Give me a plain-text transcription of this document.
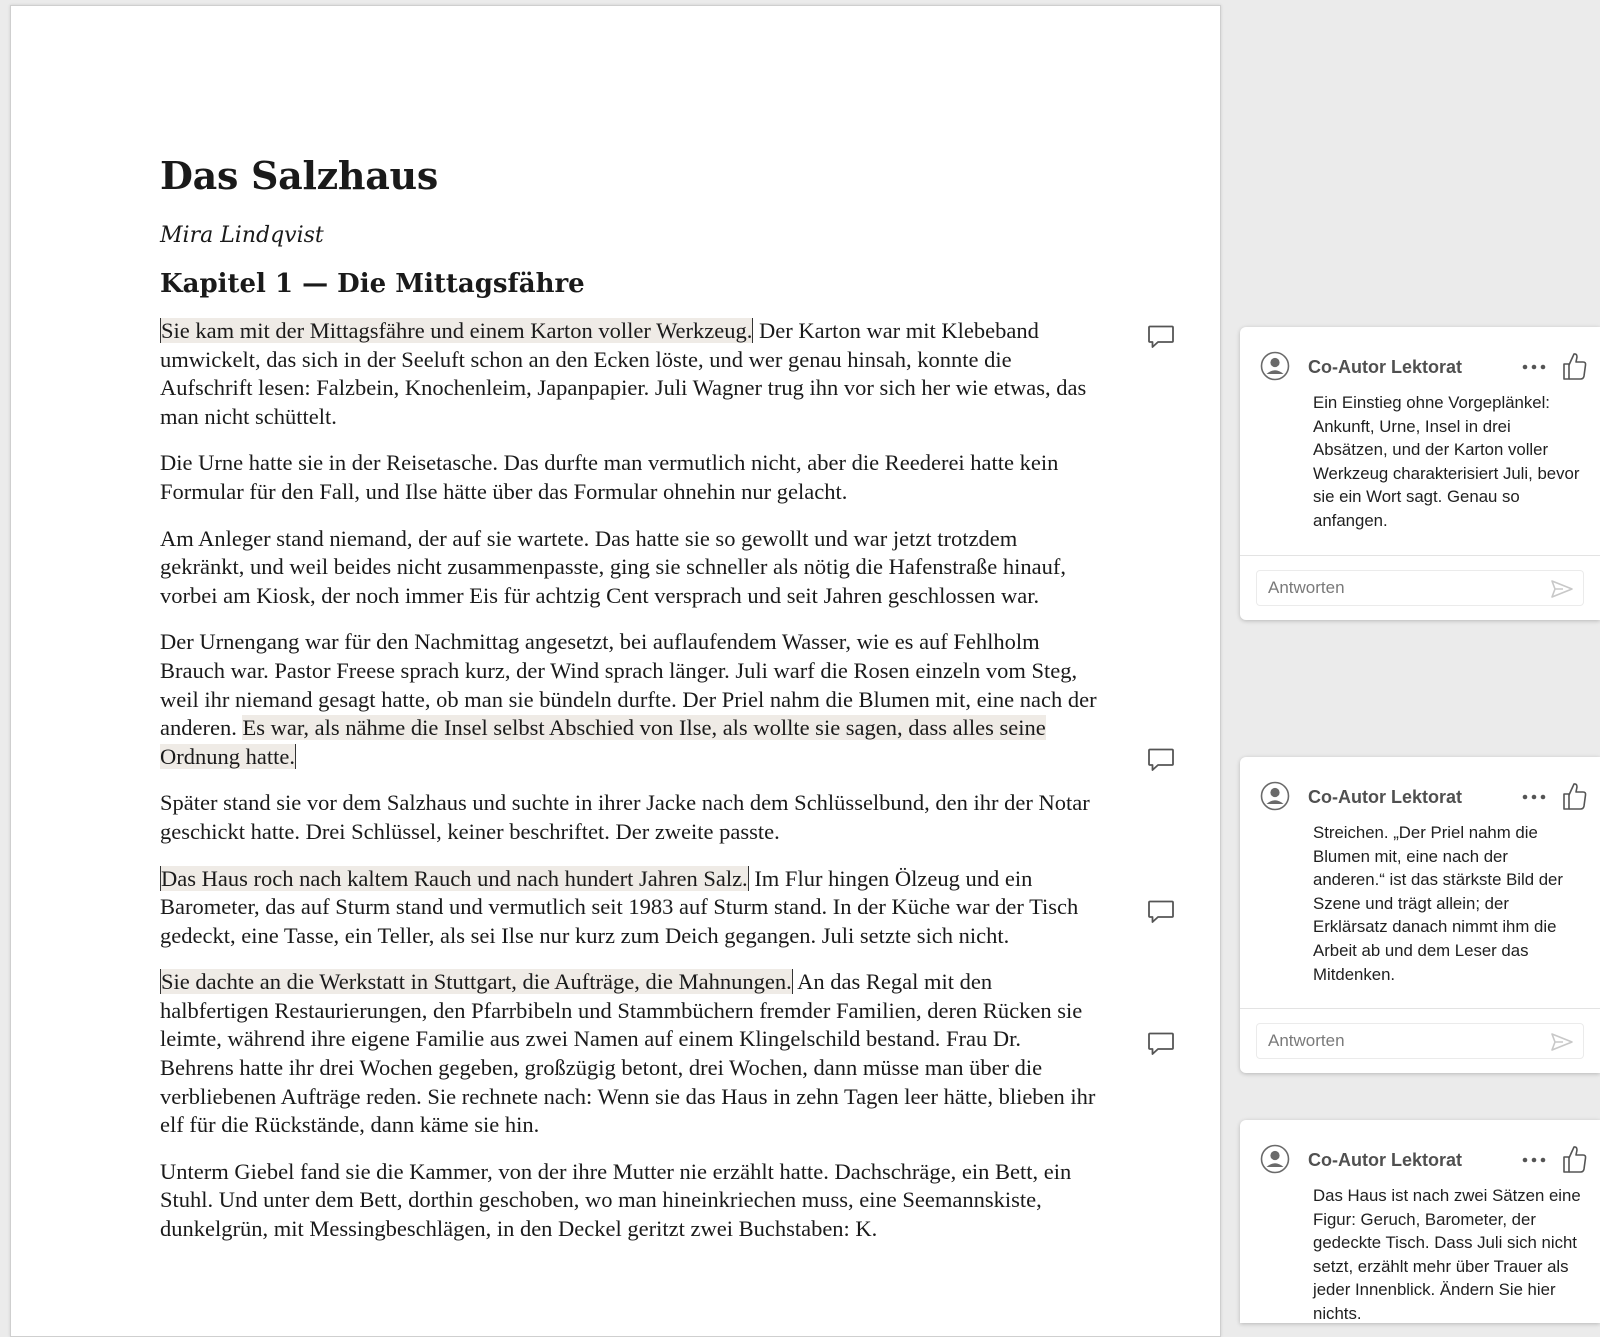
Das Salzhaus

Mira Lindqvist

Kapitel 1 — Die Mittagsfähre

Sie kam mit der Mittagsfähre und einem Karton voller Werkzeug. Der Karton war mit Klebeband umwickelt, das sich in der Seeluft schon an den Ecken löste, und wer genau hinsah, konnte die Aufschrift lesen: Falzbein, Knochenleim, Japanpapier. Juli Wagner trug ihn vor sich her wie etwas, das man nicht schüttelt.

Die Urne hatte sie in der Reisetasche. Das durfte man vermutlich nicht, aber die Reederei hatte kein Formular für den Fall, und Ilse hätte über das Formular ohnehin nur gelacht.

Am Anleger stand niemand, der auf sie wartete. Das hatte sie so gewollt und war jetzt trotzdem gekränkt, und weil beides nicht zusammenpasste, ging sie schneller als nötig die Hafenstraße hinauf, vorbei am Kiosk, der noch immer Eis für achtzig Cent versprach und seit Jahren geschlossen war.

Der Urnengang war für den Nachmittag angesetzt, bei auflaufendem Wasser, wie es auf Fehlholm Brauch war. Pastor Freese sprach kurz, der Wind sprach länger. Juli warf die Rosen einzeln vom Steg, weil ihr niemand gesagt hatte, ob man sie bündeln durfte. Der Priel nahm die Blumen mit, eine nach der anderen. Es war, als nähme die Insel selbst Abschied von Ilse, als wollte sie sagen, dass alles seine Ordnung hatte.

Später stand sie vor dem Salzhaus und suchte in ihrer Jacke nach dem Schlüsselbund, den ihr der Notar geschickt hatte. Drei Schlüssel, keiner beschriftet. Der zweite passte.

Das Haus roch nach kaltem Rauch und nach hundert Jahren Salz. Im Flur hingen Ölzeug und ein Barometer, das auf Sturm stand und vermutlich seit 1983 auf Sturm stand. In der Küche war der Tisch gedeckt, eine Tasse, ein Teller, als sei Ilse nur kurz zum Deich gegangen. Juli setzte sich nicht.

Sie dachte an die Werkstatt in Stuttgart, die Aufträge, die Mahnungen. An das Regal mit den halbfertigen Restaurierungen, den Pfarrbibeln und Stammbüchern fremder Familien, deren Rücken sie leimte, während ihre eigene Familie aus zwei Namen auf einem Klingelschild bestand. Frau Dr. Behrens hatte ihr drei Wochen gegeben, großzügig betont, drei Wochen, dann müsse man über die verbliebenen Aufträge reden. Sie rechnete nach: Wenn sie das Haus in zehn Tagen leer hätte, blieben ihr elf für die Rückstände, dann käme sie hin.

Unterm Giebel fand sie die Kammer, von der ihre Mutter nie erzählt hatte. Dachschräge, ein Bett, ein Stuhl. Und unter dem Bett, dorthin geschoben, wo man hineinkriechen muss, eine Seemannskiste, dunkelgrün, mit Messingbeschlägen, in den Deckel geritzt zwei Buchstaben: K.

Co-Autor Lektorat
Ein Einstieg ohne Vorgeplänkel: Ankunft, Urne, Insel in drei Absätzen, und der Karton voller Werkzeug charakterisiert Juli, bevor sie ein Wort sagt. Genau so anfangen.
Antworten
Co-Autor Lektorat
Streichen. „Der Priel nahm die Blumen mit, eine nach der anderen.“ ist das stärkste Bild der Szene und trägt allein; der Erklärsatz danach nimmt ihm die Arbeit ab und dem Leser das Mitdenken.
Antworten
Co-Autor Lektorat
Das Haus ist nach zwei Sätzen eine Figur: Geruch, Barometer, der gedeckte Tisch. Dass Juli sich nicht setzt, erzählt mehr über Trauer als jeder Innenblick. Ändern Sie hier nichts.
